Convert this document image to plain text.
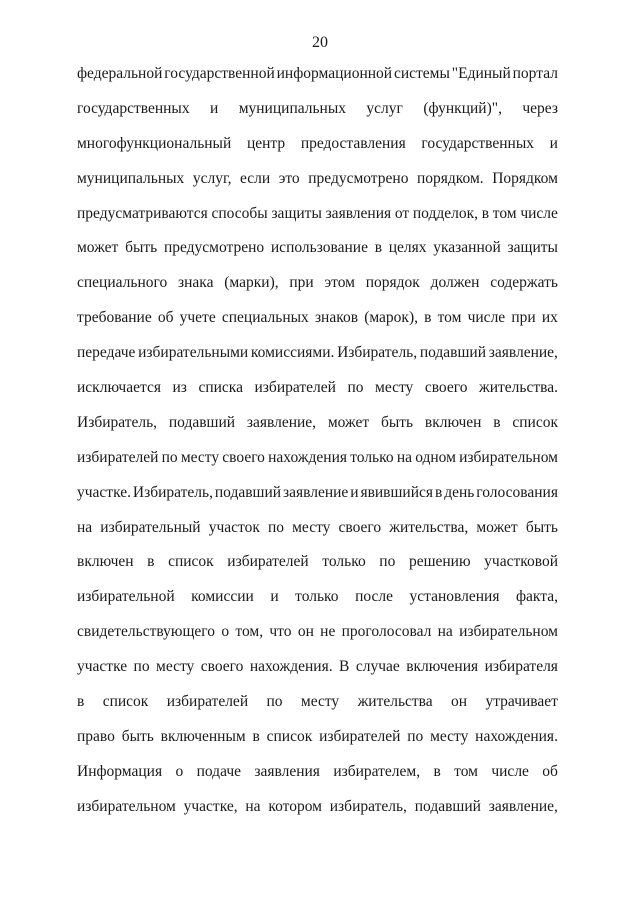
20
федеральной государственной информационной системы "Единый портал
государственных и муниципальных услуг (функций)", через
многофункциональный центр предоставления государственных и
муниципальных услуг, если это предусмотрено порядком. Порядком
предусматриваются способы защиты заявления от подделок, в том числе
может быть предусмотрено использование в целях указанной защиты
специального знака (марки), при этом порядок должен содержать
требование об учете специальных знаков (марок), в том числе при их
передаче избирательными комиссиями. Избиратель, подавший заявление,
исключается из списка избирателей по месту своего жительства.
Избиратель, подавший заявление, может быть включен в список
избирателей по месту своего нахождения только на одном избирательном
участке. Избиратель, подавший заявление и явившийся в день голосования
на избирательный участок по месту своего жительства, может быть
включен в список избирателей только по решению участковой
избирательной комиссии и только после установления факта,
свидетельствующего о том, что он не проголосовал на избирательном
участке по месту своего нахождения. В случае включения избирателя
в список избирателей по месту жительства он утрачивает
право быть включенным в список избирателей по месту нахождения.
Информация о подаче заявления избирателем, в том числе об
избирательном участке, на котором избиратель, подавший заявление,
